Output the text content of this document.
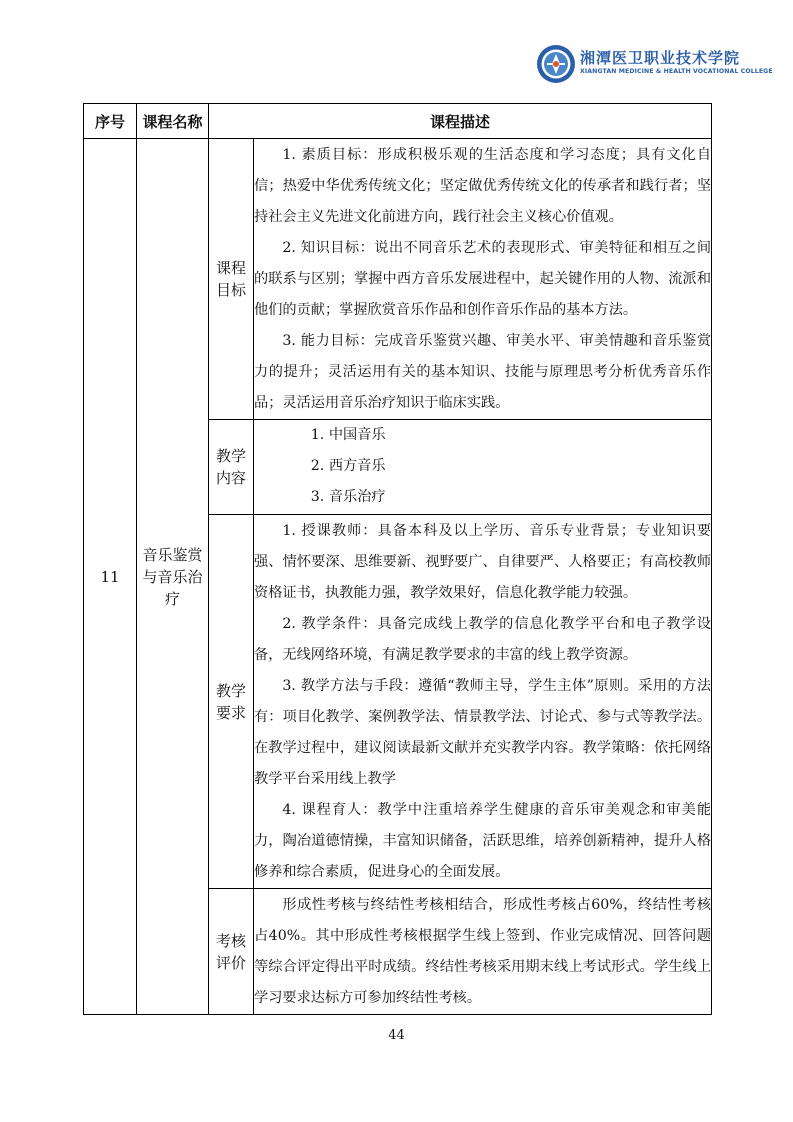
湘潭医卫职业技术学院
XIANGTAN MEDICINE & HEALTH VOCATIONAL COLLEGE
序号	课程名称	课程描述	
11	音乐鉴赏与音乐治疗	课程目标	1. 素质目标：形成积极乐观的生活态度和学习态度；具有文化自信；热爱中华优秀传统文化；坚定做优秀传统文化的传承者和践行者；坚持社会主义先进文化前进方向，践行社会主义核心价值观。

2. 知识目标：说出不同音乐艺术的表现形式、审美特征和相互之间的联系与区别；掌握中西方音乐发展进程中，起关键作用的人物、流派和他们的贡献；掌握欣赏音乐作品和创作音乐作品的基本方法。

3. 能力目标：完成音乐鉴赏兴趣、审美水平、审美情趣和音乐鉴赏力的提升；灵活运用有关的基本知识、技能与原理思考分析优秀音乐作品；灵活运用音乐治疗知识于临床实践。

		教学内容	1. 中国音乐

2. 西方音乐

3. 音乐治疗

		教学要求	1. 授课教师：具备本科及以上学历、音乐专业背景；专业知识要强、情怀要深、思维要新、视野要广、自律要严、人格要正；有高校教师资格证书，执教能力强，教学效果好，信息化教学能力较强。

2. 教学条件：具备完成线上教学的信息化教学平台和电子教学设备，无线网络环境，有满足教学要求的丰富的线上教学资源。

3. 教学方法与手段：遵循“教师主导，学生主体”原则。采用的方法有：项目化教学、案例教学法、情景教学法、讨论式、参与式等教学法。在教学过程中，建议阅读最新文献并充实教学内容。教学策略：依托网络教学平台采用线上教学

4. 课程育人：教学中注重培养学生健康的音乐审美观念和审美能力，陶冶道德情操，丰富知识储备，活跃思维，培养创新精神，提升人格修养和综合素质，促进身心的全面发展。

		考核评价	形成性考核与终结性考核相结合，形成性考核占60%，终结性考核占40%。其中形成性考核根据学生线上签到、作业完成情况、回答问题等综合评定得出平时成绩。终结性考核采用期末线上考试形式。学生线上学习要求达标方可参加终结性考核。

44
